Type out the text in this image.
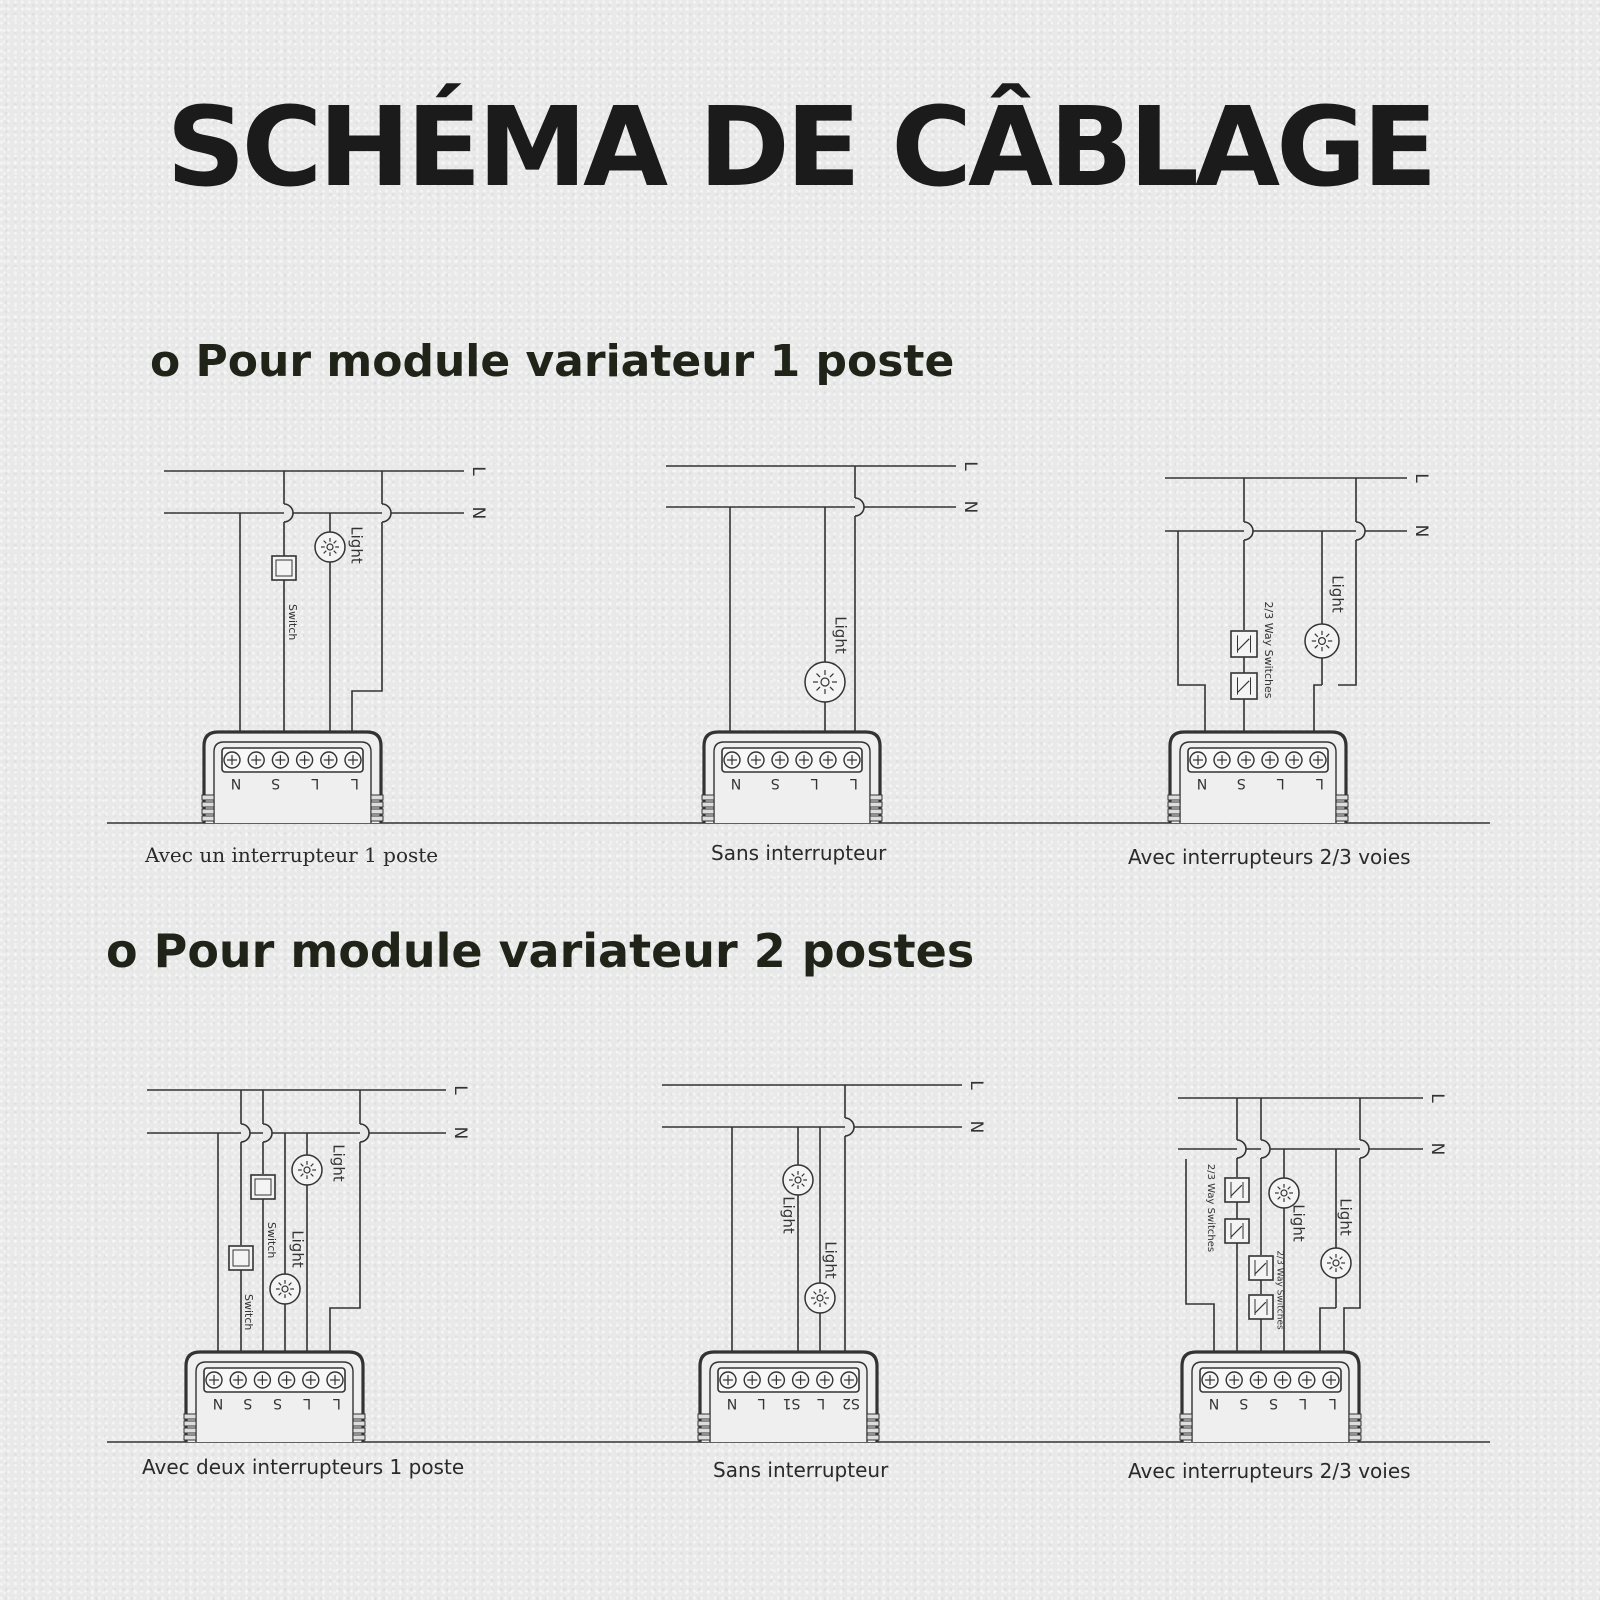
SCHÉMA DE CÂBLAGE
o Pour module variateur 1 poste
o Pour module variateur 2 postes
Avec un interrupteur 1 poste	Sans interrupteur	Avec interrupteurs 2/3 voies
Avec deux interrupteurs 1 poste	Sans interrupteur	Avec interrupteurs 2/3 voies
L
N
Switch
Light
N S L L
L
N
Light
N S L L
L
N
2/3 Way Switches
Light
N S L L
L
N
Switch
Switch Light
Light
N S S L L
L
N
Light
Light
N L S1 L S2
L
N
2/3 Way Switches
2/3 Way Switches
Light Light
N S S L L
